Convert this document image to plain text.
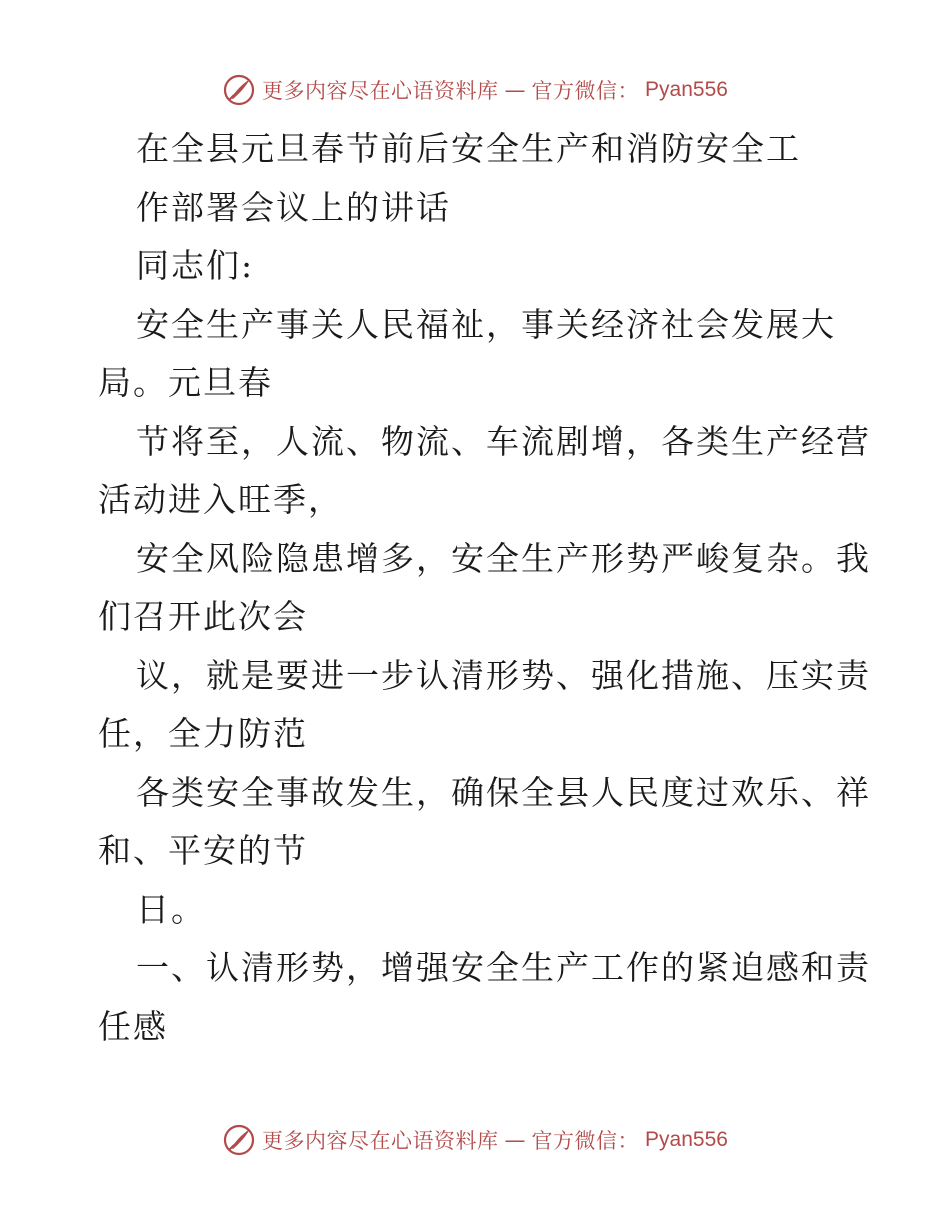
更多内容尽在心语资料库 — 官方微信： Pyan556
在全县元旦春节前后安全生产和消防安全工
作部署会议上的讲话
同志们:
安全生产事关人民福祉，事关经济社会发展大
局。元旦春
节将至，人流、物流、车流剧增，各类生产经营
活动进入旺季，
安全风险隐患增多，安全生产形势严峻复杂。我
们召开此次会
议，就是要进一步认清形势、强化措施、压实责
任，全力防范
各类安全事故发生，确保全县人民度过欢乐、祥
和、平安的节
日。
一、认清形势，增强安全生产工作的紧迫感和责
任感
更多内容尽在心语资料库 — 官方微信： Pyan556
